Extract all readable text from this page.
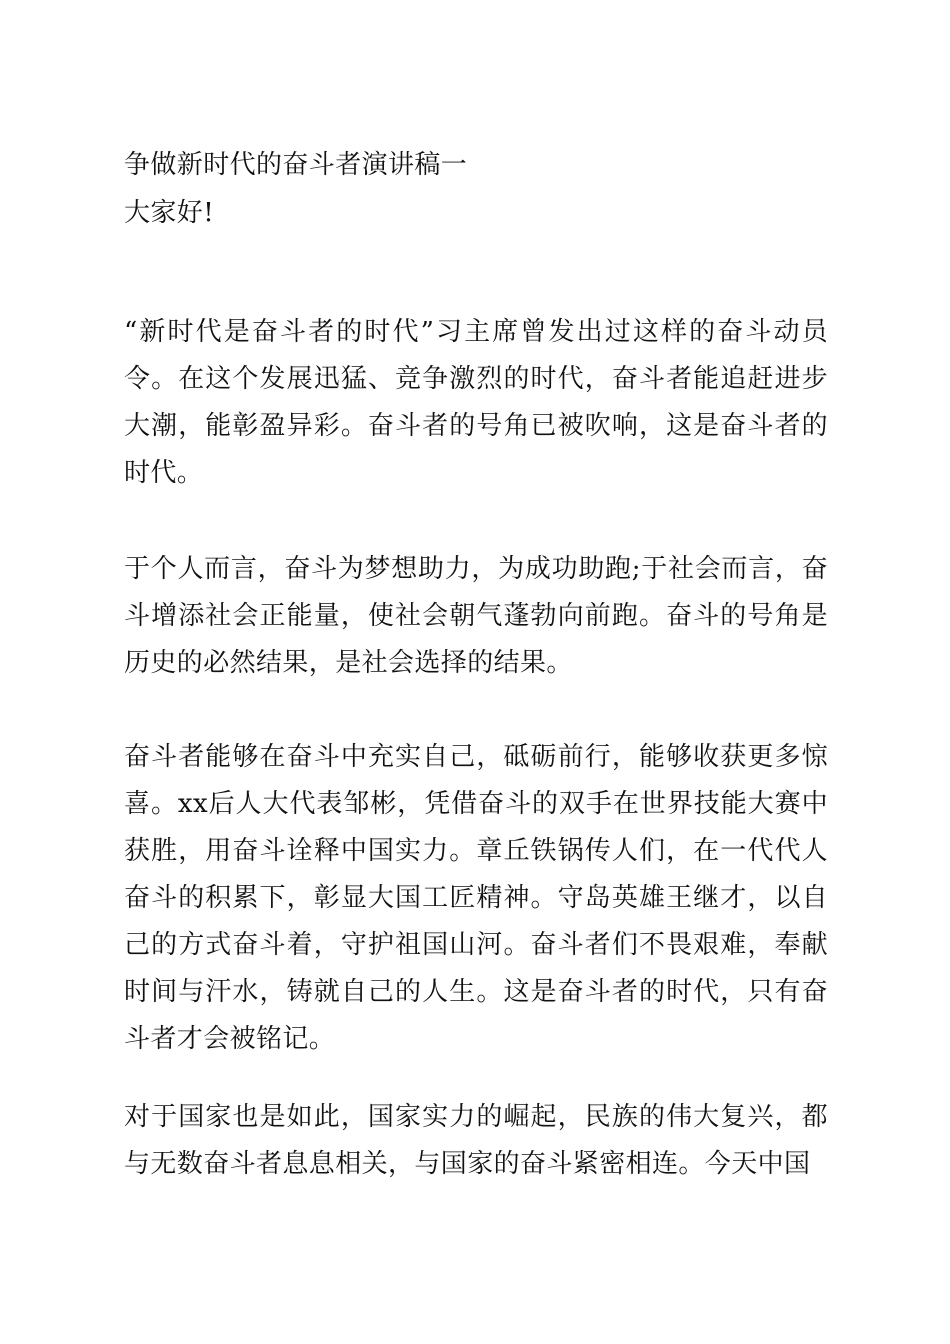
争做新时代的奋斗者演讲稿一
大家好!
“新时代是奋斗者的时代”习主席曾发出过这样的奋斗动员令。在这个发展迅猛、竞争激烈的时代，奋斗者能追赶进步大潮，能彰盈异彩。奋斗者的号角已被吹响，这是奋斗者的时代。
于个人而言，奋斗为梦想助力，为成功助跑;于社会而言，奋斗增添社会正能量，使社会朝气蓬勃向前跑。奋斗的号角是历史的必然结果，是社会选择的结果。
奋斗者能够在奋斗中充实自己，砥砺前行，能够收获更多惊喜。xx后人大代表邹彬，凭借奋斗的双手在世界技能大赛中获胜，用奋斗诠释中国实力。章丘铁锅传人们，在一代代人奋斗的积累下，彰显大国工匠精神。守岛英雄王继才，以自己的方式奋斗着，守护祖国山河。奋斗者们不畏艰难，奉献时间与汗水，铸就自己的人生。这是奋斗者的时代，只有奋斗者才会被铭记。
对于国家也是如此，国家实力的崛起，民族的伟大复兴，都与无数奋斗者息息相关，与国家的奋斗紧密相连。今天中国
